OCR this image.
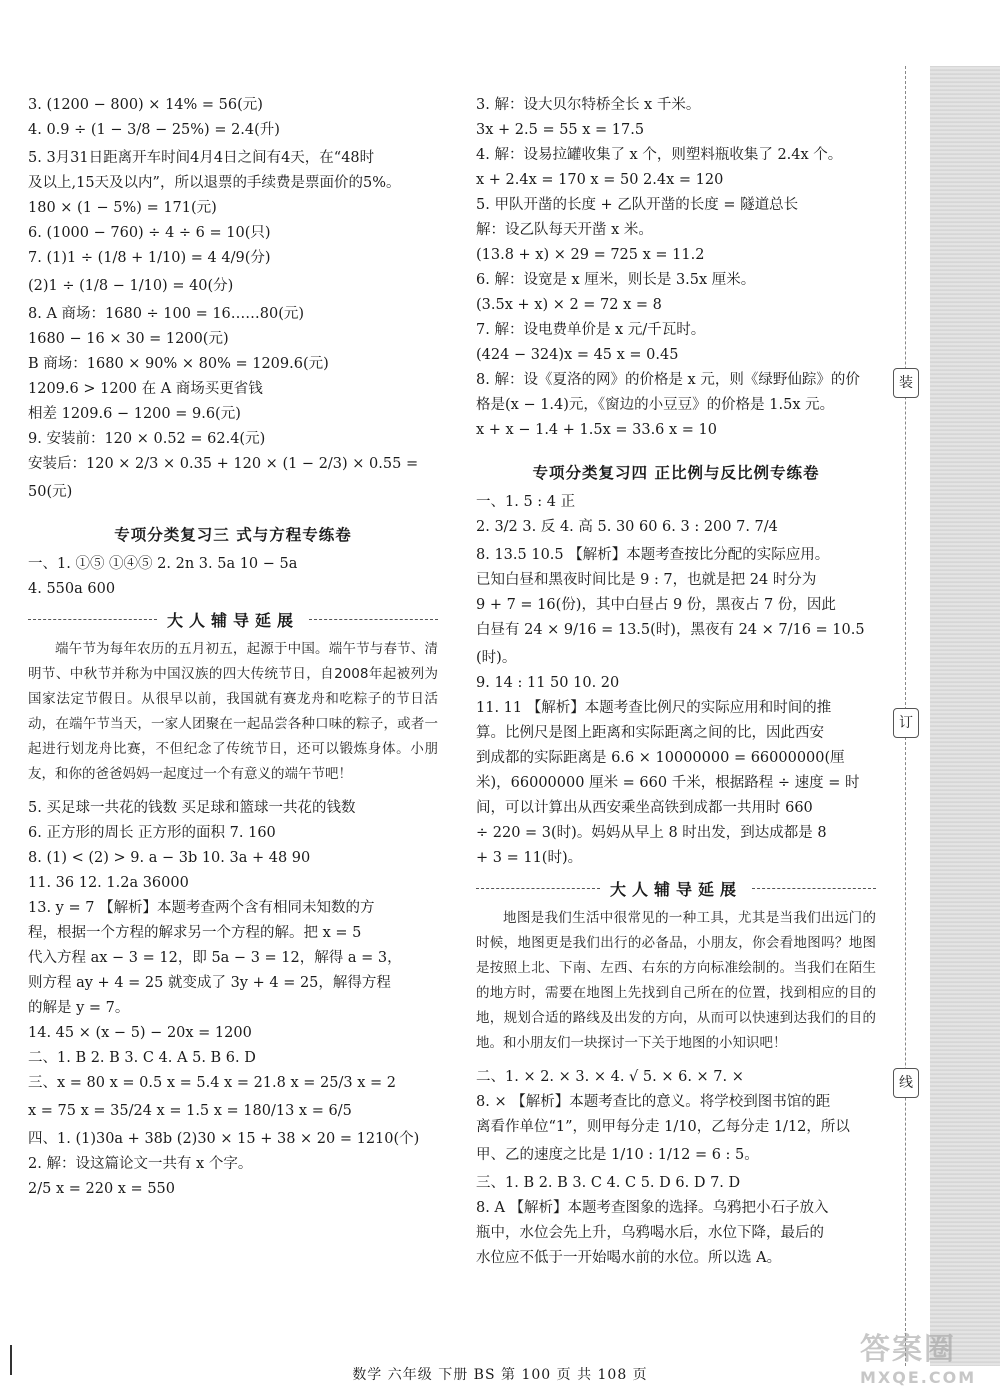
装
订
线
3. (1200 − 800) × 14% = 56(元)
4. 0.9 ÷ (1 − 3/8 − 25%) = 2.4(升)
5. 3月31日距离开车时间4月4日之间有4天，在“48时
及以上,15天及以内”，所以退票的手续费是票面价的5%。
180 × (1 − 5%) = 171(元)
6. (1000 − 760) ÷ 4 ÷ 6 = 10(只)
7. (1)1 ÷ (1/8 + 1/10) = 4 4/9(分)
(2)1 ÷ (1/8 − 1/10) = 40(分)
8. A 商场：1680 ÷ 100 = 16……80(元)
1680 − 16 × 30 = 1200(元)
B 商场：1680 × 90% × 80% = 1209.6(元)
1209.6 > 1200 在 A 商场买更省钱
相差 1209.6 − 1200 = 9.6(元)
9. 安装前：120 × 0.52 = 62.4(元)
安装后：120 × 2/3 × 0.35 + 120 × (1 − 2/3) × 0.55 =
50(元)
专项分类复习三 式与方程专练卷
一、1. ①⑤ ①④⑤ 2. 2n 3. 5a 10 − 5a
4. 550a 600
大人辅导延展
端午节为每年农历的五月初五，起源于中国。端午节与春节、清明节、中秋节并称为中国汉族的四大传统节日，自2008年起被列为国家法定节假日。从很早以前，我国就有赛龙舟和吃粽子的节日活动，在端午节当天，一家人团聚在一起品尝各种口味的粽子，或者一起进行划龙舟比赛，不但纪念了传统节日，还可以锻炼身体。小朋友，和你的爸爸妈妈一起度过一个有意义的端午节吧！
5. 买足球一共花的钱数 买足球和篮球一共花的钱数
6. 正方形的周长 正方形的面积 7. 160
8. (1) < (2) > 9. a − 3b 10. 3a + 48 90
11. 36 12. 1.2a 36000
13. y = 7 【解析】本题考查两个含有相同未知数的方
程，根据一个方程的解求另一个方程的解。把 x = 5
代入方程 ax − 3 = 12，即 5a − 3 = 12，解得 a = 3，
则方程 ay + 4 = 25 就变成了 3y + 4 = 25，解得方程
的解是 y = 7。
14. 45 × (x − 5) − 20x = 1200
二、1. B 2. B 3. C 4. A 5. B 6. D
三、x = 80 x = 0.5 x = 5.4 x = 21.8 x = 25/3 x = 2
x = 75 x = 35/24 x = 1.5 x = 180/13 x = 6/5
四、1. (1)30a + 38b (2)30 × 15 + 38 × 20 = 1210(个)
2. 解：设这篇论文一共有 x 个字。
2/5 x = 220 x = 550
3. 解：设大贝尔特桥全长 x 千米。
3x + 2.5 = 55 x = 17.5
4. 解：设易拉罐收集了 x 个，则塑料瓶收集了 2.4x 个。
x + 2.4x = 170 x = 50 2.4x = 120
5. 甲队开凿的长度 + 乙队开凿的长度 = 隧道总长
解：设乙队每天开凿 x 米。
(13.8 + x) × 29 = 725 x = 11.2
6. 解：设宽是 x 厘米，则长是 3.5x 厘米。
(3.5x + x) × 2 = 72 x = 8
7. 解：设电费单价是 x 元/千瓦时。
(424 − 324)x = 45 x = 0.45
8. 解：设《夏洛的网》的价格是 x 元，则《绿野仙踪》的价
格是(x − 1.4)元，《窗边的小豆豆》的价格是 1.5x 元。
x + x − 1.4 + 1.5x = 33.6 x = 10
专项分类复习四 正比例与反比例专练卷
一、1. 5 : 4 正
2. 3/2 3. 反 4. 高 5. 30 60 6. 3 : 200 7. 7/4
8. 13.5 10.5 【解析】本题考查按比分配的实际应用。
已知白昼和黑夜时间比是 9 : 7，也就是把 24 时分为
9 + 7 = 16(份)，其中白昼占 9 份，黑夜占 7 份，因此
白昼有 24 × 9/16 = 13.5(时)，黑夜有 24 × 7/16 = 10.5
(时)。
9. 14 : 11 50 10. 20
11. 11 【解析】本题考查比例尺的实际应用和时间的推
算。比例尺是图上距离和实际距离之间的比，因此西安
到成都的实际距离是 6.6 × 10000000 = 66000000(厘
米)，66000000 厘米 = 660 千米，根据路程 ÷ 速度 = 时
间，可以计算出从西安乘坐高铁到成都一共用时 660
÷ 220 = 3(时)。妈妈从早上 8 时出发，到达成都是 8
+ 3 = 11(时)。
大人辅导延展
地图是我们生活中很常见的一种工具，尤其是当我们出远门的时候，地图更是我们出行的必备品，小朋友，你会看地图吗？地图是按照上北、下南、左西、右东的方向标准绘制的。当我们在陌生的地方时，需要在地图上先找到自己所在的位置，找到相应的目的地，规划合适的路线及出发的方向，从而可以快速到达我们的目的地。和小朋友们一块探讨一下关于地图的小知识吧！
二、1. × 2. × 3. × 4. √ 5. × 6. × 7. ×
8. × 【解析】本题考查比的意义。将学校到图书馆的距
离看作单位“1”，则甲每分走 1/10，乙每分走 1/12，所以
甲、乙的速度之比是 1/10 : 1/12 = 6 : 5。
三、1. B 2. B 3. C 4. C 5. D 6. D 7. D
8. A 【解析】本题考查图象的选择。乌鸦把小石子放入
瓶中，水位会先上升，乌鸦喝水后，水位下降，最后的
水位应不低于一开始喝水前的水位。所以选 A。
数学 六年级 下册 BS 第 100 页 共 108 页
答案圈
MXQE.COM
